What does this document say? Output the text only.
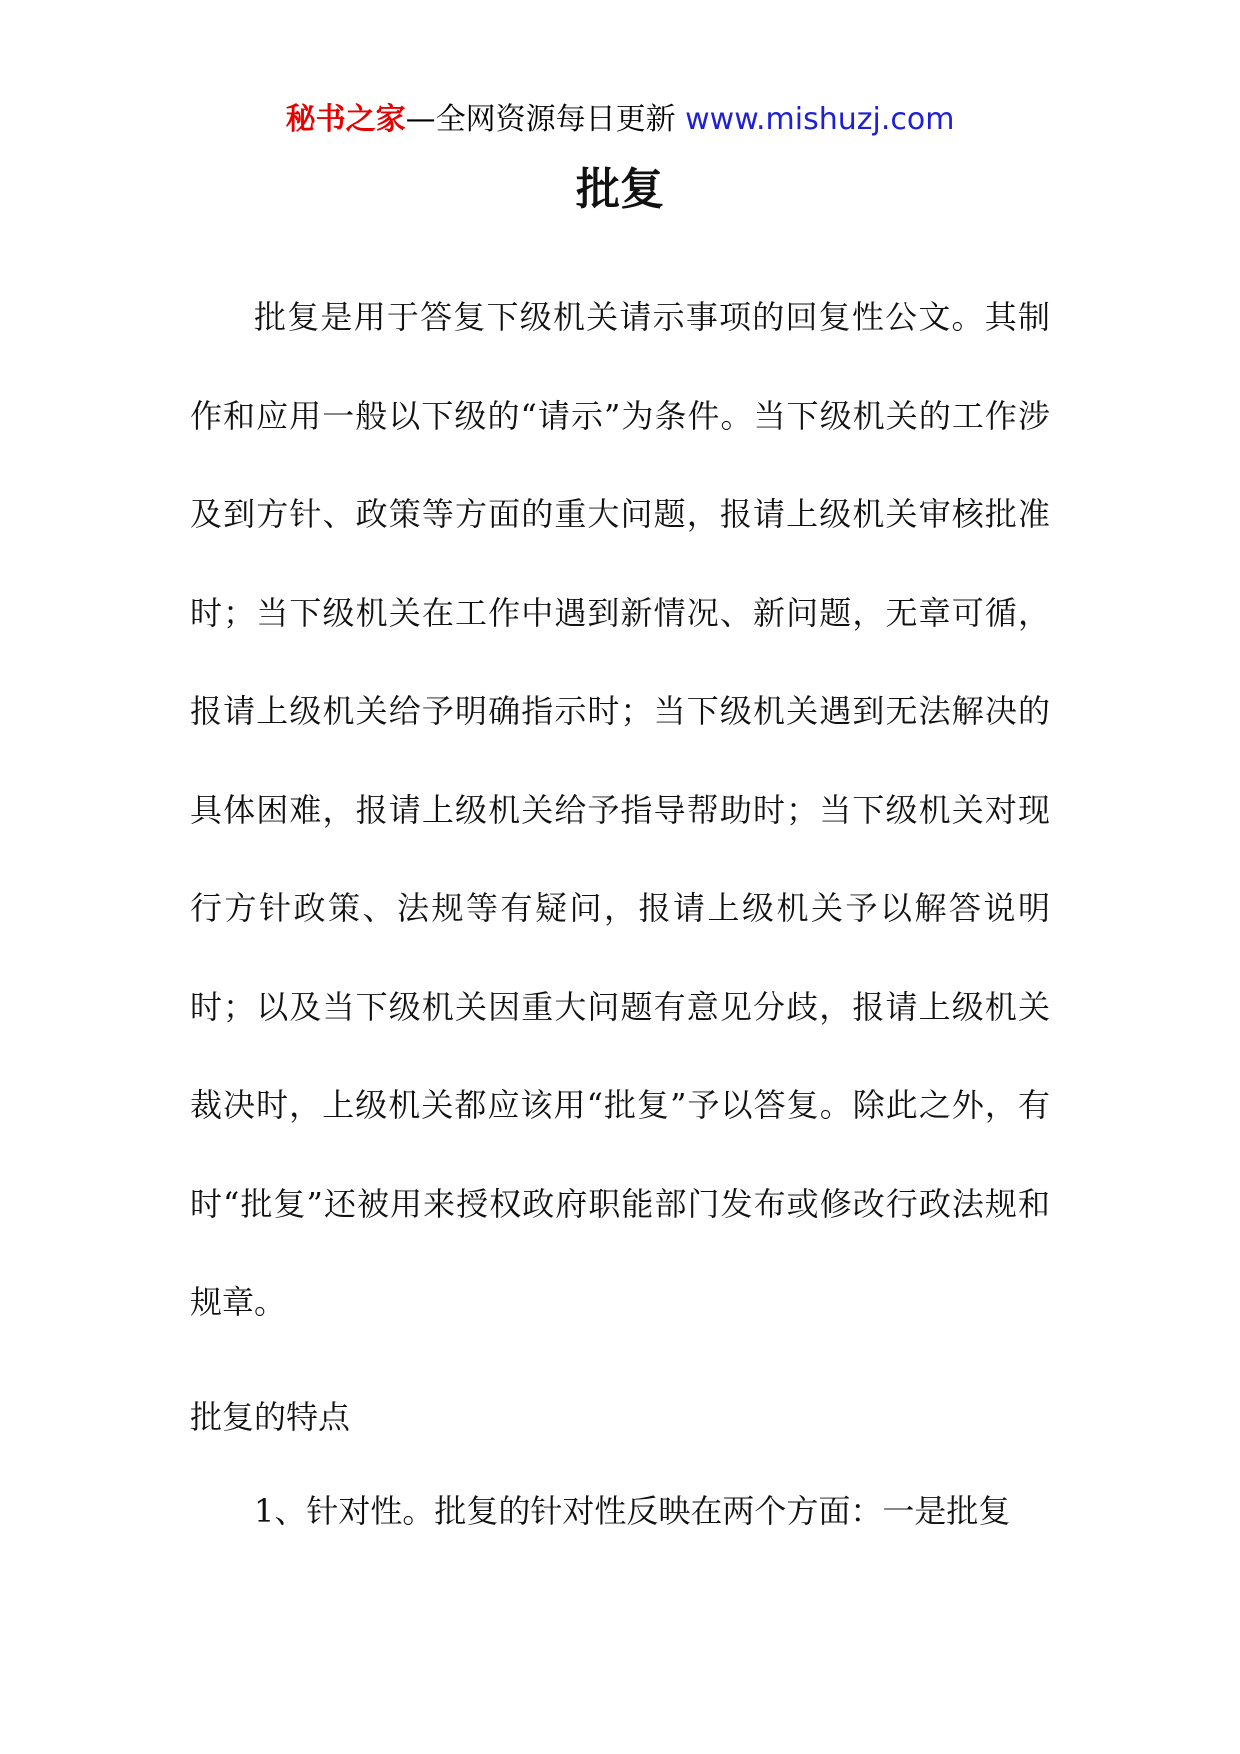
秘书之家—全网资源每日更新 www.mishuzj.com
批复

批复是用于答复下级机关请示事项的回复性公文。其制作和应用一般以下级的“请示”为条件。当下级机关的工作涉及到方针、政策等方面的重大问题，报请上级机关审核批准时；当下级机关在工作中遇到新情况、新问题，无章可循，报请上级机关给予明确指示时；当下级机关遇到无法解决的具体困难，报请上级机关给予指导帮助时；当下级机关对现行方针政策、法规等有疑问，报请上级机关予以解答说明时；以及当下级机关因重大问题有意见分歧，报请上级机关裁决时，上级机关都应该用“批复”予以答复。除此之外，有时“批复”还被用来授权政府职能部门发布或修改行政法规和规章。

批复的特点

1、针对性。批复的针对性反映在两个方面：一是批复
